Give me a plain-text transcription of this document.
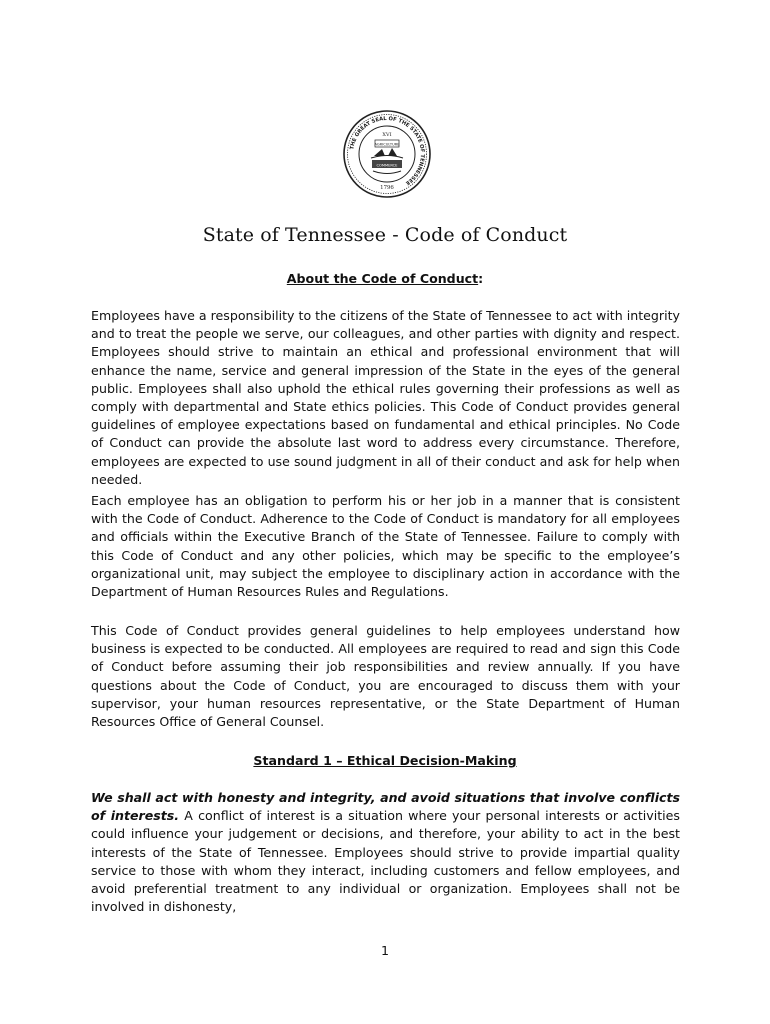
THE GREAT SEAL OF THE STATE OF TENNESSEE
XVI
AGRICULTURE
COMMERCE
1796
State of Tennessee - Code of Conduct
About the Code of Conduct:

Employees have a responsibility to the citizens of the State of Tennessee to act with integrity and to treat the people we serve, our colleagues, and other parties with dignity and respect. Employees should strive to maintain an ethical and professional environment that will enhance the name, service and general impression of the State in the eyes of the general public. Employees shall also uphold the ethical rules governing their professions as well as comply with departmental and State ethics policies. This Code of Conduct provides general guidelines of employee expectations based on fundamental and ethical principles. No Code of Conduct can provide the absolute last word to address every circumstance. Therefore, employees are expected to use sound judgment in all of their conduct and ask for help when needed.

Each employee has an obligation to perform his or her job in a manner that is consistent with the Code of Conduct. Adherence to the Code of Conduct is mandatory for all employees and officials within the Executive Branch of the State of Tennessee. Failure to comply with this Code of Conduct and any other policies, which may be specific to the employee’s organizational unit, may subject the employee to disciplinary action in accordance with the Department of Human Resources Rules and Regulations.

This Code of Conduct provides general guidelines to help employees understand how business is expected to be conducted. All employees are required to read and sign this Code of Conduct before assuming their job responsibilities and review annually. If you have questions about the Code of Conduct, you are encouraged to discuss them with your supervisor, your human resources representative, or the State Department of Human Resources Office of General Counsel.

Standard 1 – Ethical Decision-Making

We shall act with honesty and integrity, and avoid situations that involve conflicts of interests. A conflict of interest is a situation where your personal interests or activities could influence your judgement or decisions, and therefore, your ability to act in the best interests of the State of Tennessee. Employees should strive to provide impartial quality service to those with whom they interact, including customers and fellow employees, and avoid preferential treatment to any individual or organization. Employees shall not be involved in dishonesty,

1
